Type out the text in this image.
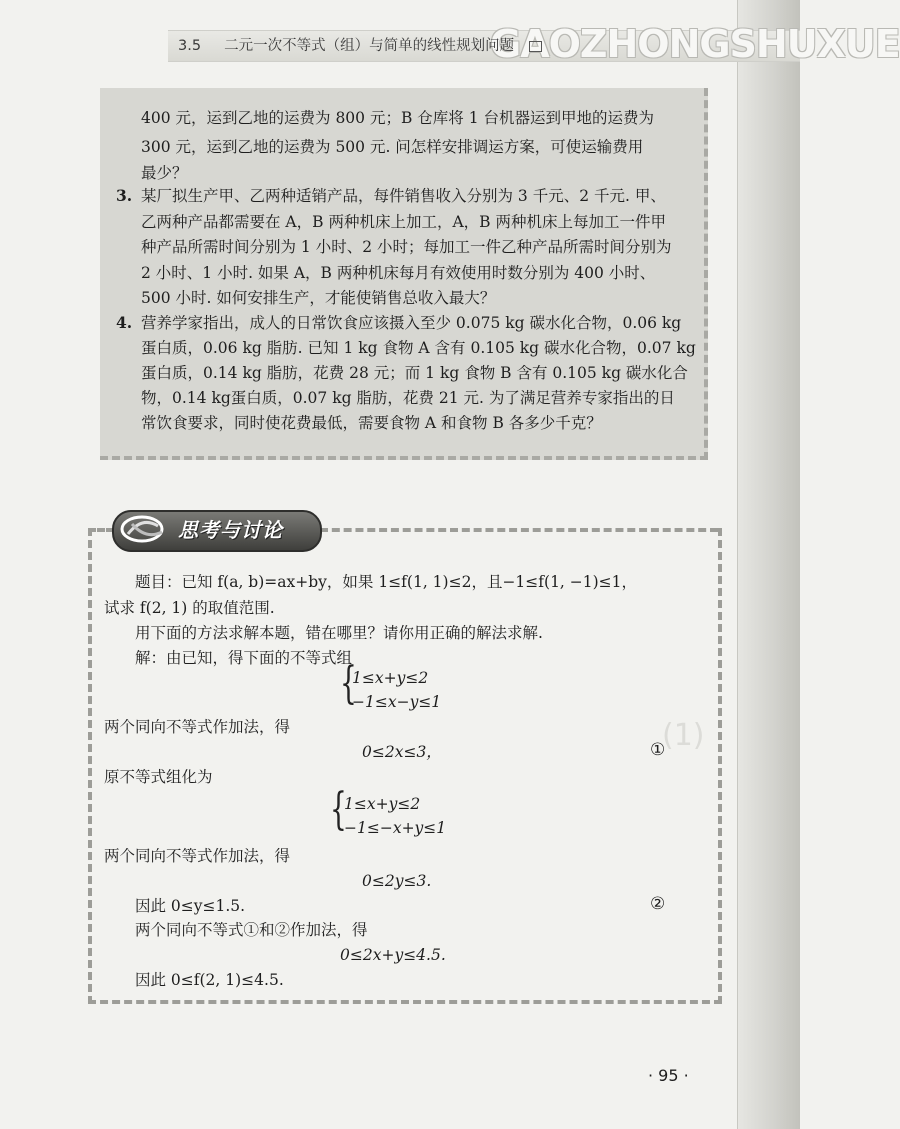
GAOZHONGSHUXUE
3.5 二元一次不等式（组）与简单的线性规划问题
400 元，运到乙地的运费为 800 元；B 仓库将 1 台机器运到甲地的运费为
300 元，运到乙地的运费为 500 元. 问怎样安排调运方案，可使运输费用
最少？
3. 某厂拟生产甲、乙两种适销产品，每件销售收入分别为 3 千元、2 千元. 甲、
乙两种产品都需要在 A，B 两种机床上加工，A，B 两种机床上每加工一件甲
种产品所需时间分别为 1 小时、2 小时；每加工一件乙种产品所需时间分别为
2 小时、1 小时. 如果 A，B 两种机床每月有效使用时数分别为 400 小时、
500 小时. 如何安排生产，才能使销售总收入最大？
4. 营养学家指出，成人的日常饮食应该摄入至少 0.075 kg 碳水化合物，0.06 kg
蛋白质，0.06 kg 脂肪. 已知 1 kg 食物 A 含有 0.105 kg 碳水化合物，0.07 kg
蛋白质，0.14 kg 脂肪，花费 28 元；而 1 kg 食物 B 含有 0.105 kg 碳水化合
物，0.14 kg蛋白质，0.07 kg 脂肪，花费 21 元. 为了满足营养专家指出的日
常饮食要求，同时使花费最低，需要食物 A 和食物 B 各多少千克？
思考与讨论
题目：已知 f(a, b)=ax+by，如果 1≤f(1, 1)≤2，且−1≤f(1, −1)≤1，
试求 f(2, 1) 的取值范围.
用下面的方法求解本题，错在哪里？请你用正确的解法求解.
解：由已知，得下面的不等式组
{
1≤x+y≤2
−1≤x−y≤1
两个同向不等式作加法，得
0≤2x≤3，	①
(1)
原不等式组化为
{
1≤x+y≤2
−1≤−x+y≤1
两个同向不等式作加法，得
0≤2y≤3.
因此 0≤y≤1.5.	②
两个同向不等式①和②作加法，得
0≤2x+y≤4.5.
因此 0≤f(2, 1)≤4.5.
· 95 ·
